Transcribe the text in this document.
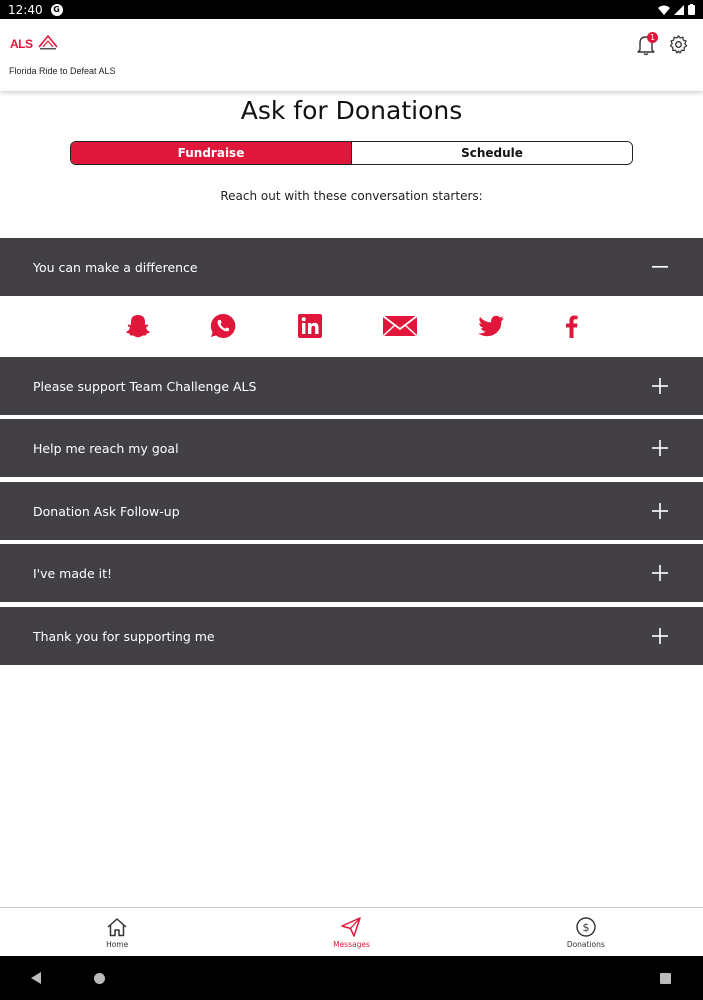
12:40	G
ALS
Florida Ride to Defeat ALS
1
Ask for Donations
Fundraise	Schedule
Reach out with these conversation starters:
You can make a difference
Please support Team Challenge ALS
Help me reach my goal
Donation Ask Follow-up
I've made it!
Thank you for supporting me
Home	Messages
$
Donations
